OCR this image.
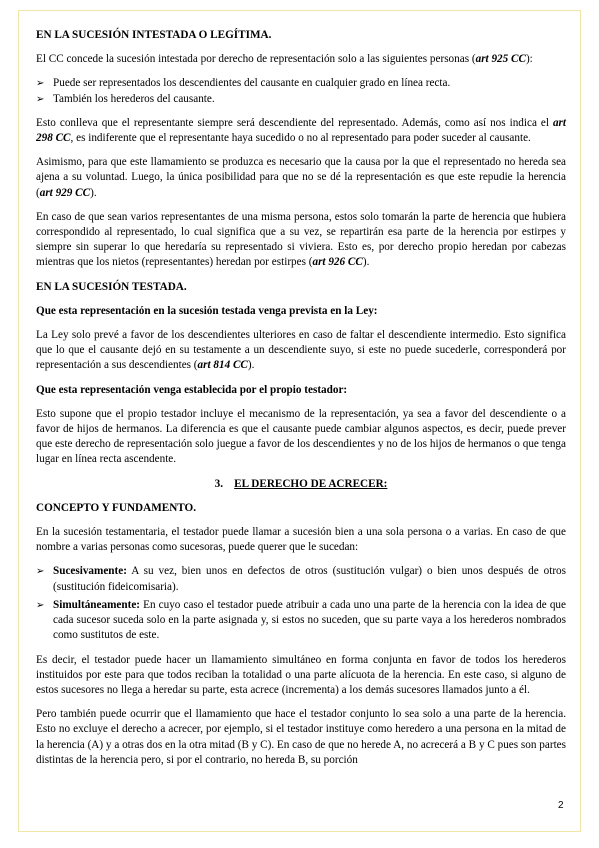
EN LA SUCESIÓN INTESTADA O LEGÍTIMA.

El CC concede la sucesión intestada por derecho de representación solo a las siguientes personas (art 925 CC):

➢ Puede ser representados los descendientes del causante en cualquier grado en línea recta.
➢ También los herederos del causante.

Esto conlleva que el representante siempre será descendiente del representado. Además, como así nos indica el art 298 CC, es indiferente que el representante haya sucedido o no al representado para poder suceder al causante.

Asimismo, para que este llamamiento se produzca es necesario que la causa por la que el representado no hereda sea ajena a su voluntad. Luego, la única posibilidad para que no se dé la representación es que este repudie la herencia (art 929 CC).

En caso de que sean varios representantes de una misma persona, estos solo tomarán la parte de herencia que hubiera correspondido al representado, lo cual significa que a su vez, se repartirán esa parte de la herencia por estirpes y siempre sin superar lo que heredaría su representado si viviera. Esto es, por derecho propio heredan por cabezas mientras que los nietos (representantes) heredan por estirpes (art 926 CC).

EN LA SUCESIÓN TESTADA.
Que esta representación en la sucesión testada venga prevista en la Ley:

La Ley solo prevé a favor de los descendientes ulteriores en caso de faltar el descendiente intermedio. Esto significa que lo que el causante dejó en su testamente a un descendiente suyo, si este no puede sucederle, corresponderá por representación a sus descendientes (art 814 CC).

Que esta representación venga establecida por el propio testador:

Esto supone que el propio testador incluye el mecanismo de la representación, ya sea a favor del descendiente o a favor de hijos de hermanos. La diferencia es que el causante puede cambiar algunos aspectos, es decir, puede prever que este derecho de representación solo juegue a favor de los descendientes y no de los hijos de hermanos o que tenga lugar en línea recta ascendente.

3. EL DERECHO DE ACRECER:
CONCEPTO Y FUNDAMENTO.

En la sucesión testamentaria, el testador puede llamar a sucesión bien a una sola persona o a varias. En caso de que nombre a varias personas como sucesoras, puede querer que le sucedan:

➢ Sucesivamente: A su vez, bien unos en defectos de otros (sustitución vulgar) o bien unos después de otros (sustitución fideicomisaria).
➢ Simultáneamente: En cuyo caso el testador puede atribuir a cada uno una parte de la herencia con la idea de que cada sucesor suceda solo en la parte asignada y, si estos no suceden, que su parte vaya a los herederos nombrados como sustitutos de este.

Es decir, el testador puede hacer un llamamiento simultáneo en forma conjunta en favor de todos los herederos instituidos por este para que todos reciban la totalidad o una parte alícuota de la herencia. En este caso, si alguno de estos sucesores no llega a heredar su parte, esta acrece (incrementa) a los demás sucesores llamados junto a él.

Pero también puede ocurrir que el llamamiento que hace el testador conjunto lo sea solo a una parte de la herencia. Esto no excluye el derecho a acrecer, por ejemplo, si el testador instituye como heredero a una persona en la mitad de la herencia (A) y a otras dos en la otra mitad (B y C). En caso de que no herede A, no acrecerá a B y C pues son partes distintas de la herencia pero, si por el contrario, no hereda B, su porción

2
